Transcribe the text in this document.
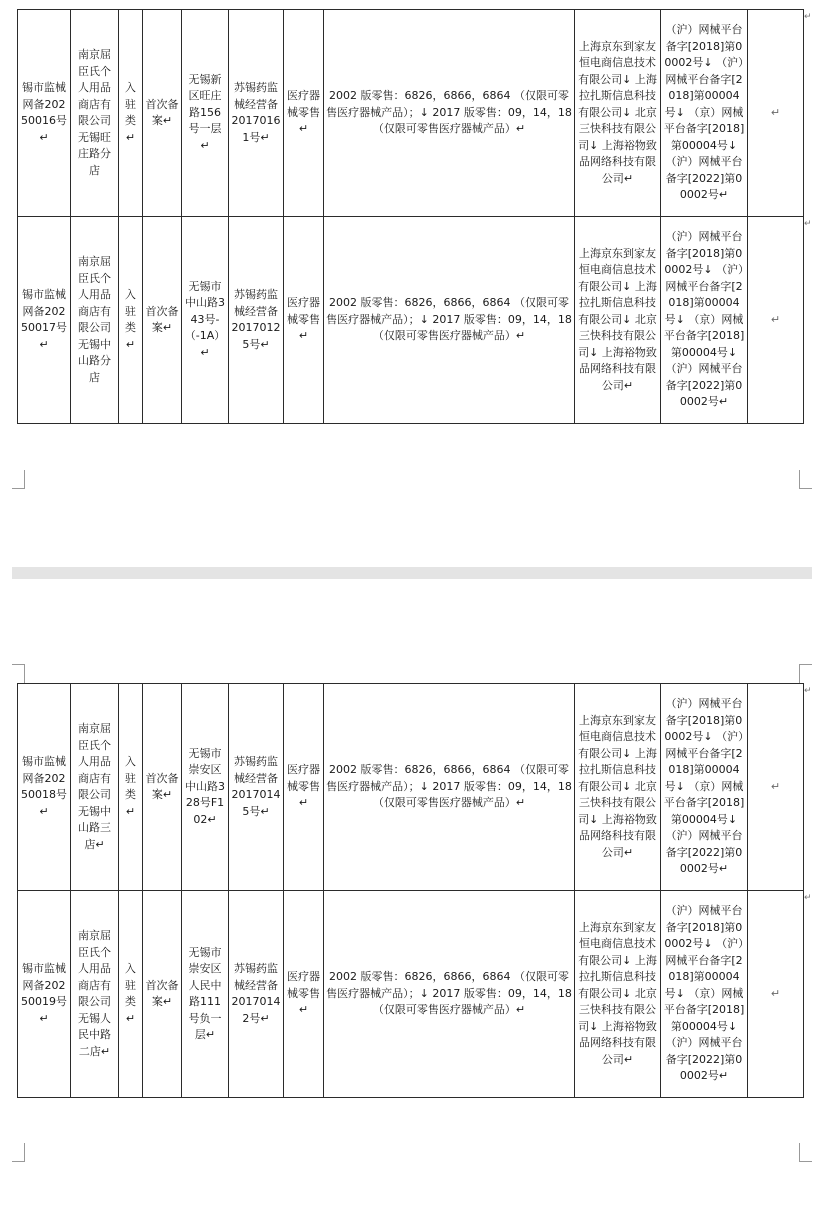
锡市监械网备20250016号↵	南京屈臣氏个人用品商店有限公司无锡旺庄路分店	入驻类↵	首次备案↵	无锡新区旺庄路156号一层↵	苏锡药监械经营备20170161号↵	医疗器械零售↵	2002 版零售：6826，6866，6864 （仅限可零售医疗器械产品）；↓ 2017 版零售：09，14，18 （仅限可零售医疗器械产品）↵	上海京东到家友恒电商信息技术有限公司↓ 上海拉扎斯信息科技有限公司↓ 北京三快科技有限公司↓ 上海裕物致品网络科技有限公司↵	（沪）网械平台备字[2018]第00002号↓ （沪）网械平台备字[2018]第00004号↓ （京）网械平台备字[2018]第00004号↓ （沪）网械平台备字[2022]第00002号↵	↵
锡市监械网备20250017号↵	南京屈臣氏个人用品商店有限公司无锡中山路分店	入驻类↵	首次备案↵	无锡市中山路343号-（-1A）↵	苏锡药监械经营备20170125号↵	医疗器械零售↵	2002 版零售：6826，6866，6864 （仅限可零售医疗器械产品）；↓ 2017 版零售：09，14，18 （仅限可零售医疗器械产品）↵	上海京东到家友恒电商信息技术有限公司↓ 上海拉扎斯信息科技有限公司↓ 北京三快科技有限公司↓ 上海裕物致品网络科技有限公司↵	（沪）网械平台备字[2018]第00002号↓ （沪）网械平台备字[2018]第00004号↓ （京）网械平台备字[2018]第00004号↓ （沪）网械平台备字[2022]第00002号↵	↵
锡市监械网备20250018号↵	南京屈臣氏个人用品商店有限公司无锡中山路三店↵	入驻类↵	首次备案↵	无锡市崇安区中山路328号F102↵	苏锡药监械经营备20170145号↵	医疗器械零售↵	2002 版零售：6826，6866，6864 （仅限可零售医疗器械产品）；↓ 2017 版零售：09，14，18 （仅限可零售医疗器械产品）↵	上海京东到家友恒电商信息技术有限公司↓ 上海拉扎斯信息科技有限公司↓ 北京三快科技有限公司↓ 上海裕物致品网络科技有限公司↵	（沪）网械平台备字[2018]第00002号↓ （沪）网械平台备字[2018]第00004号↓ （京）网械平台备字[2018]第00004号↓ （沪）网械平台备字[2022]第00002号↵	↵
锡市监械网备20250019号↵	南京屈臣氏个人用品商店有限公司无锡人民中路二店↵	入驻类↵	首次备案↵	无锡市崇安区人民中路111号负一层↵	苏锡药监械经营备20170142号↵	医疗器械零售↵	2002 版零售：6826，6866，6864 （仅限可零售医疗器械产品）；↓ 2017 版零售：09，14，18 （仅限可零售医疗器械产品）↵	上海京东到家友恒电商信息技术有限公司↓ 上海拉扎斯信息科技有限公司↓ 北京三快科技有限公司↓ 上海裕物致品网络科技有限公司↵	（沪）网械平台备字[2018]第00002号↓ （沪）网械平台备字[2018]第00004号↓ （京）网械平台备字[2018]第00004号↓ （沪）网械平台备字[2022]第00002号↵	↵
↵
↵
↵
↵
